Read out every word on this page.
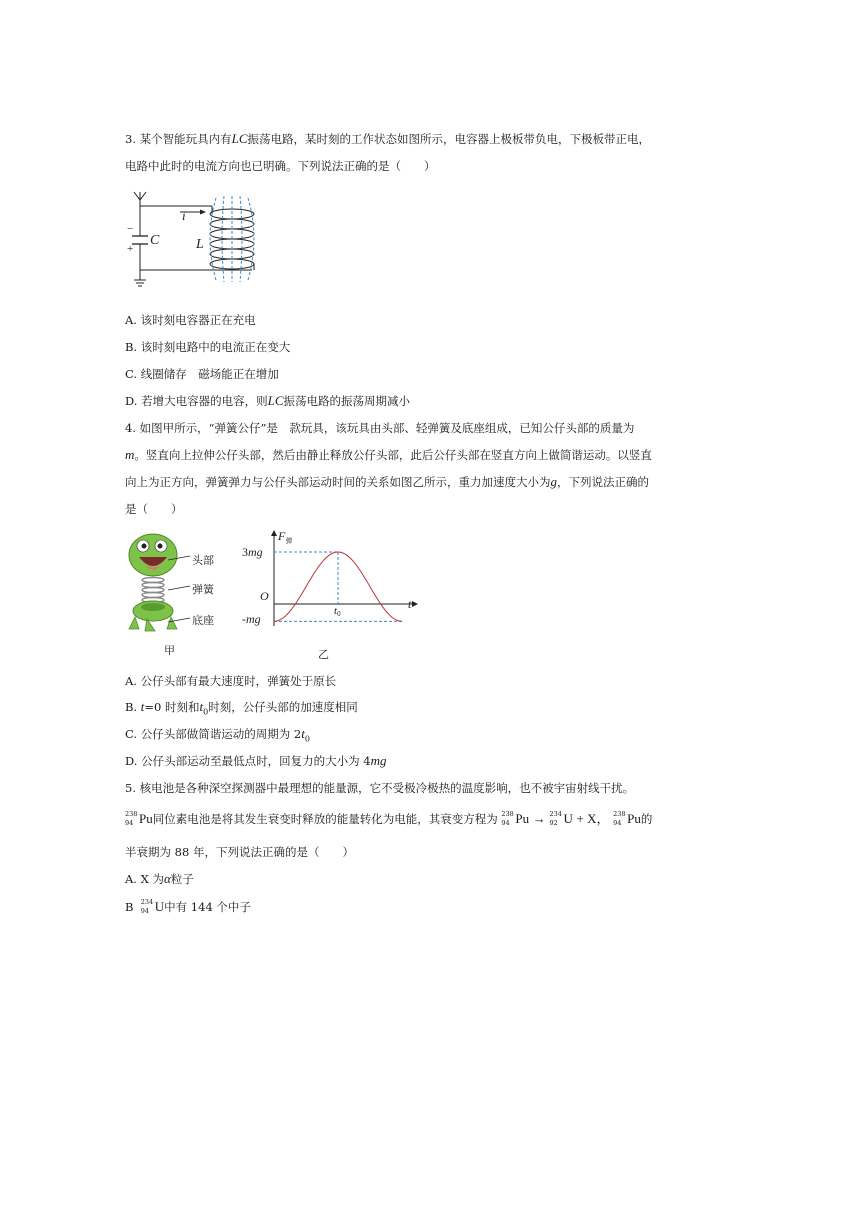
3. 某个智能玩具内有LC振荡电路，某时刻的工作状态如图所示，电容器上极板带负电，下极板带正电，
电路中此时的电流方向也已明确。下列说法正确的是（　　）
−
+
C
i
L
A. 该时刻电容器正在充电
B. 该时刻电路中的电流正在变大
C. 线圈储存　磁场能正在增加
D. 若增大电容器的电容，则LC振荡电路的振荡周期减小
4. 如图甲所示，“弹簧公仔”是　款玩具，该玩具由头部、轻弹簧及底座组成，已知公仔头部的质量为
m。竖直向上拉伸公仔头部，然后由静止释放公仔头部，此后公仔头部在竖直方向上做简谐运动。以竖直
向上为正方向，弹簧弹力与公仔头部运动时间的关系如图乙所示，重力加速度大小为g，下列说法正确的
是（　　）
头部
弹簧
底座
甲
$F_弹$
t
O
3mg
-mg
t0
乙
A. 公仔头部有最大速度时，弹簧处于原长
B. t=0 时刻和$t_0$时刻，公仔头部的加速度相同
C. 公仔头部做简谐运动的周期为 $2t_0$
D. 公仔头部运动至最低点时，回复力的大小为 4mg
5. 核电池是各种深空探测器中最理想的能量源，它不受极冷极热的温度影响，也不被宇宙射线干扰。
238
94 Pu同位素电池是将其发生衰变时释放的能量转化为电能，其衰变方程为 238
94 Pu → 234
92 U + X， 238
94 Pu的
半衰期为 88 年，下列说法正确的是（　　）
A. X 为α粒子
B 234
94 U中有 144 个中子
